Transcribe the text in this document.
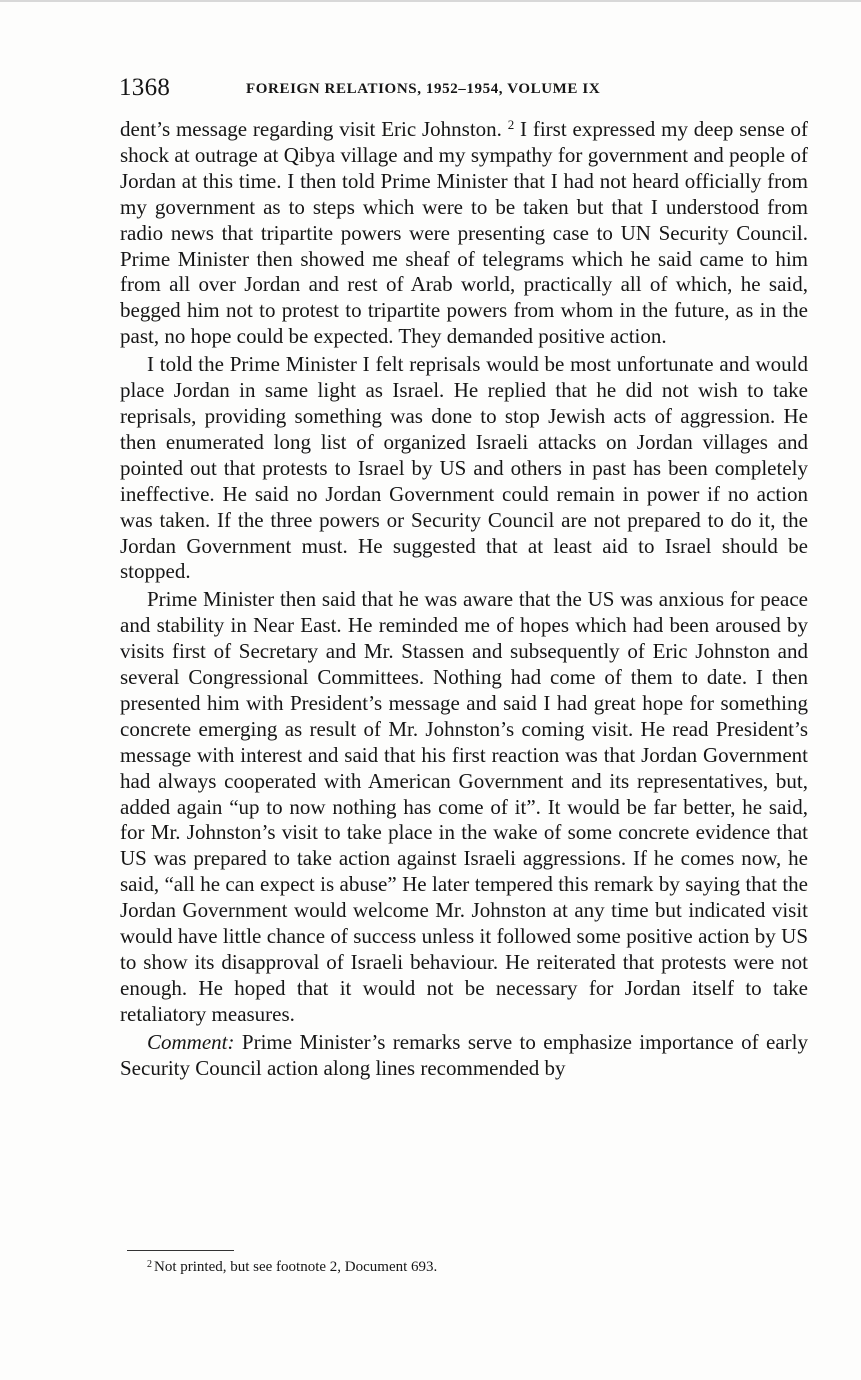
1368	FOREIGN RELATIONS, 1952–1954, VOLUME IX

dent’s message regarding visit Eric Johnston. $^2$ I first expressed my deep sense of shock at outrage at Qibya village and my sympathy for government and people of Jordan at this time. I then told Prime Minister that I had not heard officially from my government as to steps which were to be taken but that I understood from radio news that tripartite powers were presenting case to UN Security Council. Prime Minister then showed me sheaf of telegrams which he said came to him from all over Jordan and rest of Arab world, practically all of which, he said, begged him not to protest to tripartite powers from whom in the future, as in the past, no hope could be expected. They demanded positive action.

I told the Prime Minister I felt reprisals would be most unfortunate and would place Jordan in same light as Israel. He replied that he did not wish to take reprisals, providing something was done to stop Jewish acts of aggression. He then enumerated long list of organized Israeli attacks on Jordan villages and pointed out that protests to Israel by US and others in past has been completely ineffective. He said no Jordan Government could remain in power if no action was taken. If the three powers or Security Council are not prepared to do it, the Jordan Government must. He suggested that at least aid to Israel should be stopped.

Prime Minister then said that he was aware that the US was anxious for peace and stability in Near East. He reminded me of hopes which had been aroused by visits first of Secretary and Mr. Stassen and subsequently of Eric Johnston and several Congressional Committees. Nothing had come of them to date. I then presented him with President’s message and said I had great hope for something concrete emerging as result of Mr. Johnston’s coming visit. He read President’s message with interest and said that his first reaction was that Jordan Government had always cooperated with American Government and its representatives, but, added again “up to now nothing has come of it”. It would be far better, he said, for Mr. Johnston’s visit to take place in the wake of some concrete evidence that US was prepared to take action against Israeli aggressions. If he comes now, he said, “all he can expect is abuse” He later tempered this remark by saying that the Jordan Government would welcome Mr. Johnston at any time but indicated visit would have little chance of success unless it followed some positive action by US to show its disapproval of Israeli behaviour. He reiterated that protests were not enough. He hoped that it would not be necessary for Jordan itself to take retaliatory measures.

Comment: Prime Minister’s remarks serve to emphasize importance of early Security Council action along lines recommended by

$^2$ Not printed, but see footnote 2, Document 693.
